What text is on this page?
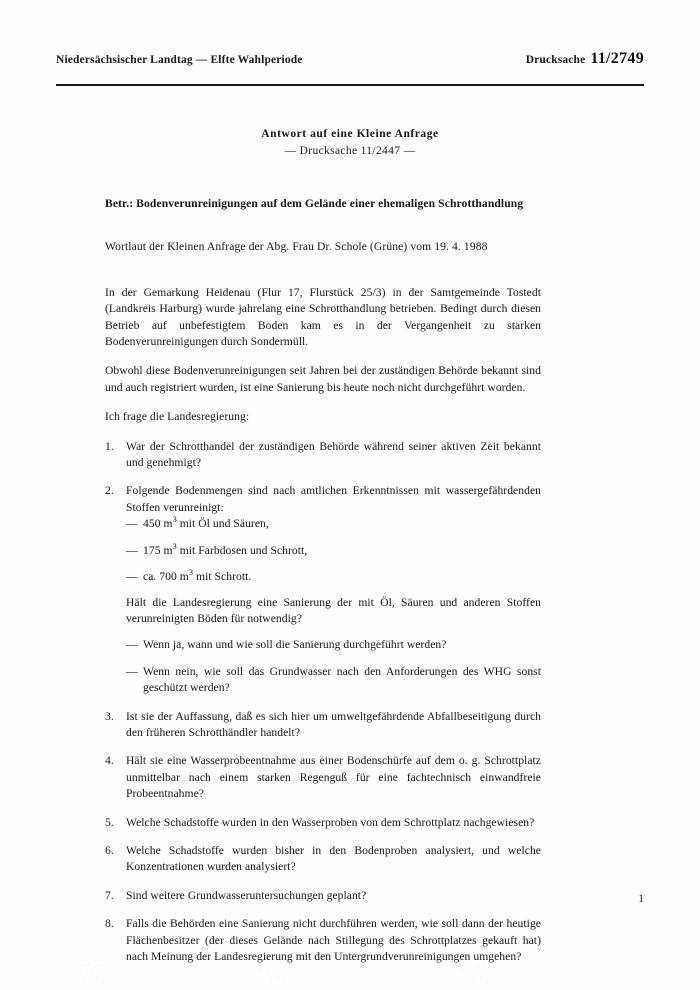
Niedersächsischer Landtag — Elfte Wahlperiode	Drucksache 11/2749
Antwort auf eine Kleine Anfrage
— Drucksache 11/2447 —
Betr.: Bodenverunreinigungen auf dem Gelände einer ehemaligen Schrotthandlung
Wortlaut der Kleinen Anfrage der Abg. Frau Dr. Schole (Grüne) vom 19. 4. 1988

In der Gemarkung Heidenau (Flur 17, Flurstück 25/3) in der Samtgemeinde Tostedt (Landkreis Harburg) wurde jahrelang eine Schrotthandlung betrieben. Bedingt durch diesen Betrieb auf unbefestigtem Boden kam es in der Vergangenheit zu starken Bodenverunreinigungen durch Sondermüll.

Obwohl diese Bodenverunreinigungen seit Jahren bei der zuständigen Behörde bekannt sind und auch registriert wurden, ist eine Sanierung bis heute noch nicht durchgeführt worden.

Ich frage die Landesregierung:
1.	War der Schrotthandel der zuständigen Behörde während seiner aktiven Zeit bekannt und genehmigt?
2.	Folgende Bodenmengen sind nach amtlichen Erkenntnissen mit wassergefährdenden Stoffen verunreinigt:
— 450 $m^3$ mit Öl und Säuren,
— 175 $m^3$ mit Farbdosen und Schrott,
— ca. 700 $m^3$ mit Schrott.
Hält die Landesregierung eine Sanierung der mit Öl, Säuren und anderen Stoffen verunreinigten Böden für notwendig?
— Wenn ja, wann und wie soll die Sanierung durchgeführt werden?
— Wenn nein, wie soll das Grundwasser nach den Anforderungen des WHG sonst geschützt werden?
3.	Ist sie der Auffassung, daß es sich hier um umweltgefährdende Abfallbeseitigung durch den früheren Schrotthändler handelt?
4.	Hält sie eine Wasserprobeentnahme aus einer Bodenschürfe auf dem o. g. Schrottplatz unmittelbar nach einem starken Regenguß für eine fachtechnisch einwandfreie Probeentnahme?
5.	Welche Schadstoffe wurden in den Wasserproben von dem Schrottplatz nachgewiesen?
6.	Welche Schadstoffe wurden bisher in den Bodenproben analysiert, und welche Konzentrationen wurden analysiert?
7.	Sind weitere Grundwasseruntersuchungen geplant?
8.	Falls die Behörden eine Sanierung nicht durchführen werden, wie soll dann der heutige Flächenbesitzer (der dieses Gelände nach Stillegung des Schrottplatzes gekauft hat) nach Meinung der Landesregierung mit den Untergrundverunreinigungen umgehen?
1
